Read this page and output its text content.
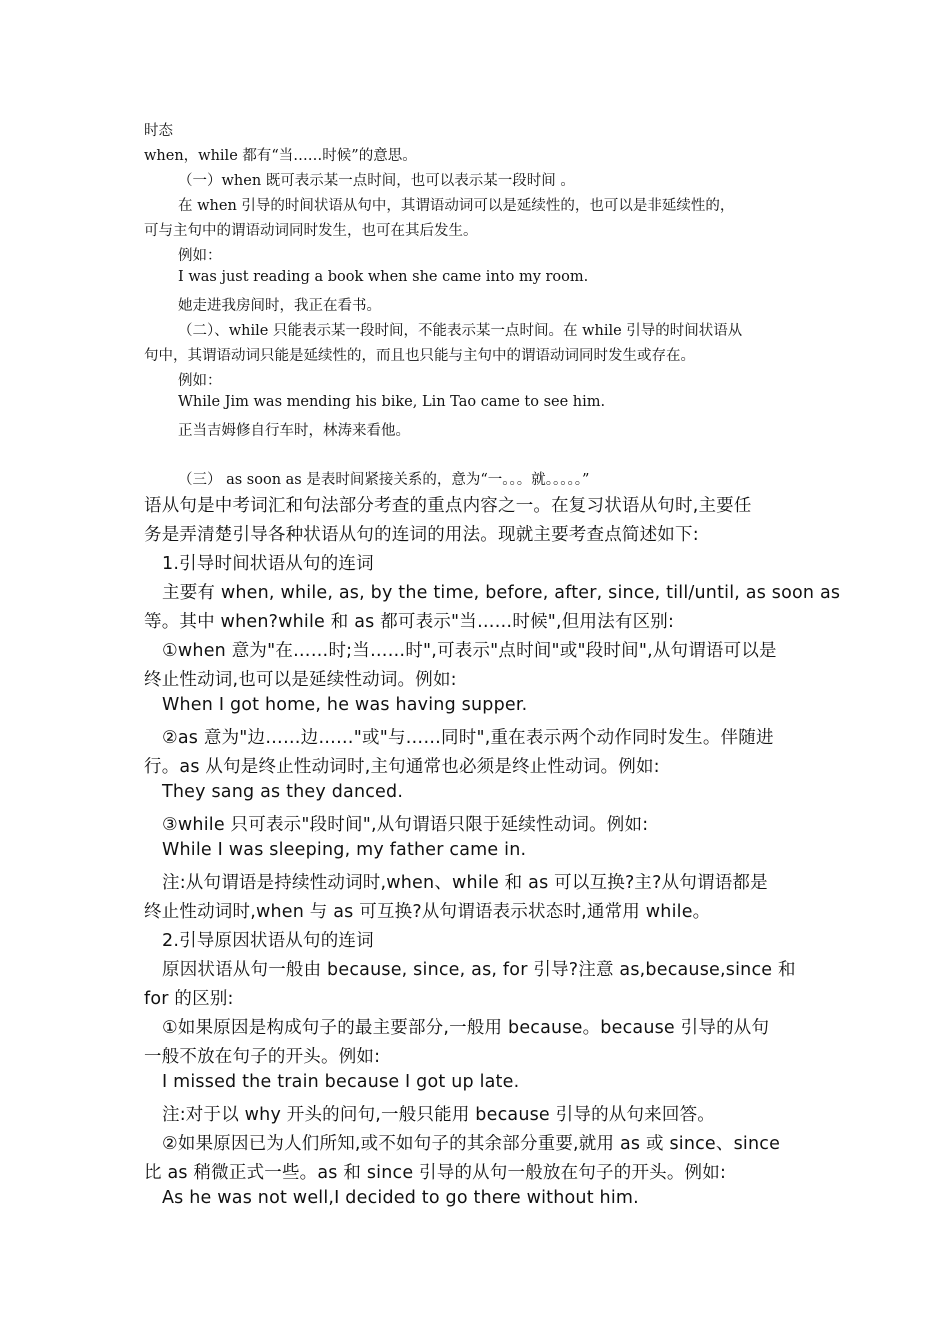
时态
when，while 都有“当……时候”的意思。
（一）when 既可表示某一点时间，也可以表示某一段时间 。
在 when 引导的时间状语从句中，其谓语动词可以是延续性的，也可以是非延续性的，
可与主句中的谓语动词同时发生，也可在其后发生。
例如：
I was just reading a book when she came into my room.
她走进我房间时，我正在看书。
（二）、while 只能表示某一段时间，不能表示某一点时间。在 while 引导的时间状语从
句中，其谓语动词只能是延续性的，而且也只能与主句中的谓语动词同时发生或存在。
例如：
While Jim was mending his bike, Lin Tao came to see him.
正当吉姆修自行车时，林涛来看他。
（三） as soon as 是表时间紧接关系的，意为“一。。。就。。。。。”
语从句是中考词汇和句法部分考查的重点内容之一。在复习状语从句时,主要任
务是弄清楚引导各种状语从句的连词的用法。现就主要考查点简述如下:
1.引导时间状语从句的连词
主要有 when, while, as, by the time, before, after, since, till/until, as soon as
等。其中 when?while 和 as 都可表示"当……时候",但用法有区别:
①when 意为"在……时;当……时",可表示"点时间"或"段时间",从句谓语可以是
终止性动词,也可以是延续性动词。例如:
When I got home, he was having supper.
②as 意为"边……边……"或"与……同时",重在表示两个动作同时发生。伴随进
行。as 从句是终止性动词时,主句通常也必须是终止性动词。例如:
They sang as they danced.
③while 只可表示"段时间",从句谓语只限于延续性动词。例如:
While I was sleeping, my father came in.
注:从句谓语是持续性动词时,when、while 和 as 可以互换?主?从句谓语都是
终止性动词时,when 与 as 可互换?从句谓语表示状态时,通常用 while。
2.引导原因状语从句的连词
原因状语从句一般由 because, since, as, for 引导?注意 as,because,since 和
for 的区别:
①如果原因是构成句子的最主要部分,一般用 because。because 引导的从句
一般不放在句子的开头。例如:
I missed the train because I got up late.
注:对于以 why 开头的问句,一般只能用 because 引导的从句来回答。
②如果原因已为人们所知,或不如句子的其余部分重要,就用 as 或 since、since
比 as 稍微正式一些。as 和 since 引导的从句一般放在句子的开头。例如:
As he was not well,I decided to go there without him.
